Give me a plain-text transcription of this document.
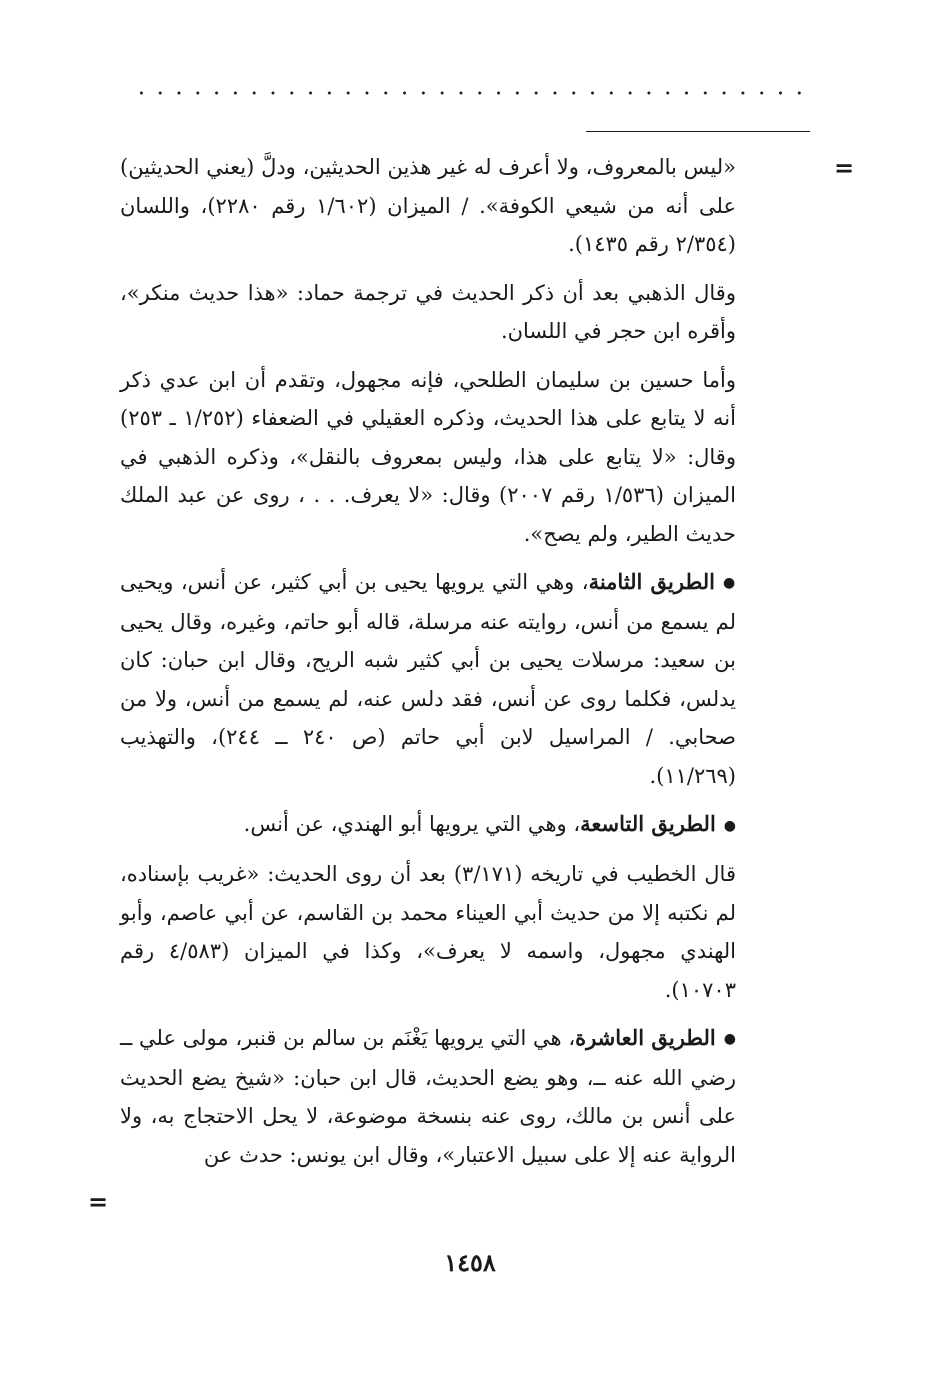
=

«ليس بالمعروف، ولا أعرف له غير هذين الحديثين، ودلَّ (يعني الحديثين) على أنه من شيعي الكوفة». / الميزان (١/٦٠٢ رقم ٢٢٨٠)، واللسان (٢/٣٥٤ رقم ١٤٣٥).

وقال الذهبي بعد أن ذكر الحديث في ترجمة حماد: «هذا حديث منكر»، وأقره ابن حجر في اللسان.

وأما حسين بن سليمان الطلحي، فإنه مجهول، وتقدم أن ابن عدي ذكر أنه لا يتابع على هذا الحديث، وذكره العقيلي في الضعفاء (١/٢٥٢ ـ ٢٥٣) وقال: «لا يتابع على هذا، وليس بمعروف بالنقل»، وذكره الذهبي في الميزان (١/٥٣٦ رقم ٢٠٠٧) وقال: «لا يعرف. . . ، روى عن عبد الملك حديث الطير، ولم يصح».

●الطريق الثامنة، وهي التي يرويها يحيى بن أبي كثير، عن أنس، ويحيى لم يسمع من أنس، روايته عنه مرسلة، قاله أبو حاتم، وغيره، وقال يحيى بن سعيد: مرسلات يحيى بن أبي كثير شبه الريح، وقال ابن حبان: كان يدلس، فكلما روى عن أنس، فقد دلس عنه، لم يسمع من أنس، ولا من صحابي. / المراسيل لابن أبي حاتم (ص ٢٤٠ ــ ٢٤٤)، والتهذيب (١١/٢٦٩).

●الطريق التاسعة، وهي التي يرويها أبو الهندي، عن أنس.

قال الخطيب في تاريخه (٣/١٧١) بعد أن روى الحديث: «غريب بإسناده، لم نكتبه إلا من حديث أبي العيناء محمد بن القاسم، عن أبي عاصم، وأبو الهندي مجهول، واسمه لا يعرف»، وكذا في الميزان (٤/٥٨٣ رقم ١٠٧٠٣).

●الطريق العاشرة، هي التي يرويها يَغْنَم بن سالم بن قنبر، مولى علي ــ رضي الله عنه ــ، وهو يضع الحديث، قال ابن حبان: «شيخ يضع الحديث على أنس بن مالك، روى عنه بنسخة موضوعة، لا يحل الاحتجاج به، ولا الرواية عنه إلا على سبيل الاعتبار»، وقال ابن يونس: حدث عن

=
١٤٥٨
